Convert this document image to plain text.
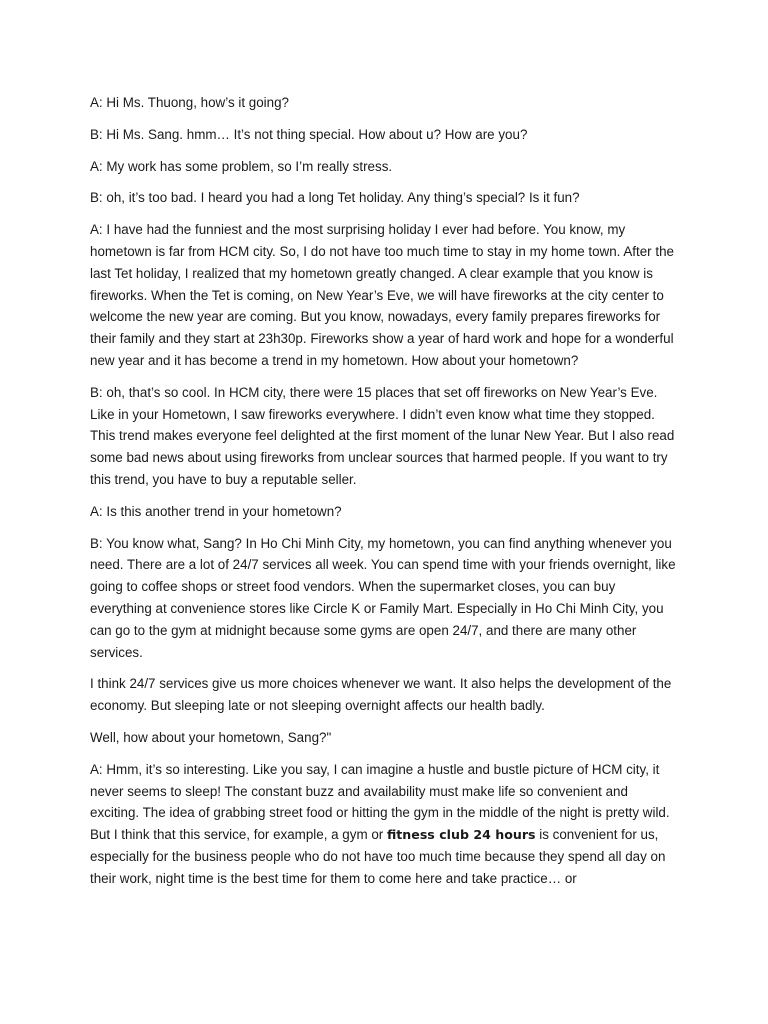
A: Hi Ms. Thuong, how’s it going?

B: Hi Ms. Sang. hmm… It’s not thing special. How about u? How are you?

A: My work has some problem, so I’m really stress.

B: oh, it’s too bad. I heard you had a long Tet holiday. Any thing’s special? Is it fun?

A: I have had the funniest and the most surprising holiday I ever had before. You know, my hometown is far from HCM city. So, I do not have too much time to stay in my home town. After the last Tet holiday, I realized that my hometown greatly changed. A clear example that you know is fireworks. When the Tet is coming, on New Year’s Eve, we will have fireworks at the city center to welcome the new year are coming. But you know, nowadays, every family prepares fireworks for their family and they start at 23h30p. Fireworks show a year of hard work and hope for a wonderful new year and it has become a trend in my hometown. How about your hometown?

B: oh, that’s so cool. In HCM city, there were 15 places that set off fireworks on New Year’s Eve. Like in your Hometown, I saw fireworks everywhere. I didn’t even know what time they stopped. This trend makes everyone feel delighted at the first moment of the lunar New Year. But I also read some bad news about using fireworks from unclear sources that harmed people. If you want to try this trend, you have to buy a reputable seller.

A: Is this another trend in your hometown?

B: You know what, Sang? In Ho Chi Minh City, my hometown, you can find anything whenever you need. There are a lot of 24/7 services all week. You can spend time with your friends overnight, like going to coffee shops or street food vendors. When the supermarket closes, you can buy everything at convenience stores like Circle K or Family Mart. Especially in Ho Chi Minh City, you can go to the gym at midnight because some gyms are open 24/7, and there are many other services.

I think 24/7 services give us more choices whenever we want. It also helps the development of the economy. But sleeping late or not sleeping overnight affects our health badly.

Well, how about your hometown, Sang?"

A: Hmm, it’s so interesting. Like you say, I can imagine a hustle and bustle picture of HCM city, it never seems to sleep! The constant buzz and availability must make life so convenient and exciting. The idea of grabbing street food or hitting the gym in the middle of the night is pretty wild. But I think that this service, for example, a gym or fitness club 24 hours is convenient for us, especially for the business people who do not have too much time because they spend all day on their work, night time is the best time for them to come here and take practice… or
